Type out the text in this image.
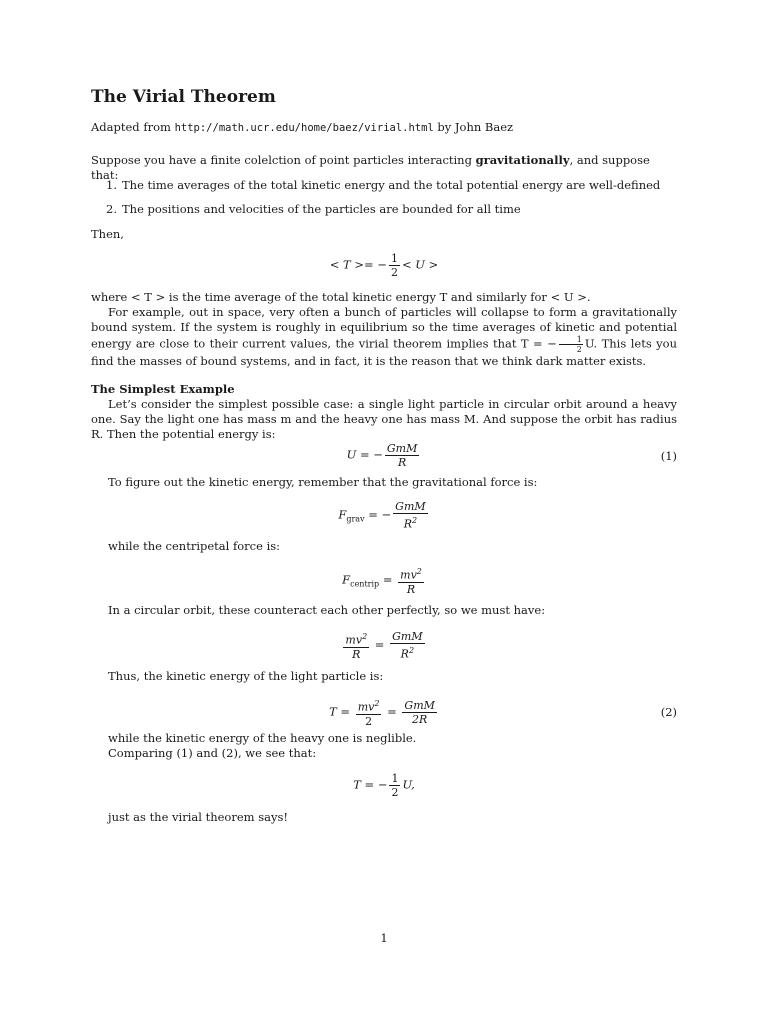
The Virial Theorem
Adapted from http://math.ucr.edu/home/baez/virial.html by John Baez
Suppose you have a finite colelction of point particles interacting gravitationally, and suppose that:
1. The time averages of the total kinetic energy and the total potential energy are well-defined
2. The positions and velocities of the particles are bounded for all time
Then,
< T >= − $\frac{1}{2} < U$ >

where < T > is the time average of the total kinetic energy T and similarly for < U >.

For example, out in space, very often a bunch of particles will collapse to form a gravitationally bound system. If the system is roughly in equilibrium so the time averages of kinetic and potential energy are close to their current values, the virial theorem implies that T = − $\frac{1}{2} U$. This lets you find the masses of bound systems, and in fact, it is the reason that we think dark matter exists.

The Simplest Example

Let’s consider the simplest possible case: a single light particle in circular orbit around a heavy one. Say the light one has mass m and the heavy one has mass M. And suppose the orbit has radius R. Then the potential energy is:

U = − $\frac{\text{GmM}}{R}$	(1)
To figure out the kinetic energy, remember that the gravitational force is:
$F_{grav}$ = − $\frac{\text{GmM}}{R^2}$
while the centripetal force is:
$F_{centrip} = \frac{mv^2}{R}$
In a circular orbit, these counteract each other perfectly, so we must have:
$\frac{mv^2}{R} = \frac{\text{GmM}}{R^2}$
Thus, the kinetic energy of the light particle is:
$T = \frac{mv^2}{2} = \frac{\text{GmM}}{2R}$	(2)
while the kinetic energy of the heavy one is neglible.
Comparing (1) and (2), we see that:
T = − $\frac{1}{2} U$,
just as the virial theorem says!
1
